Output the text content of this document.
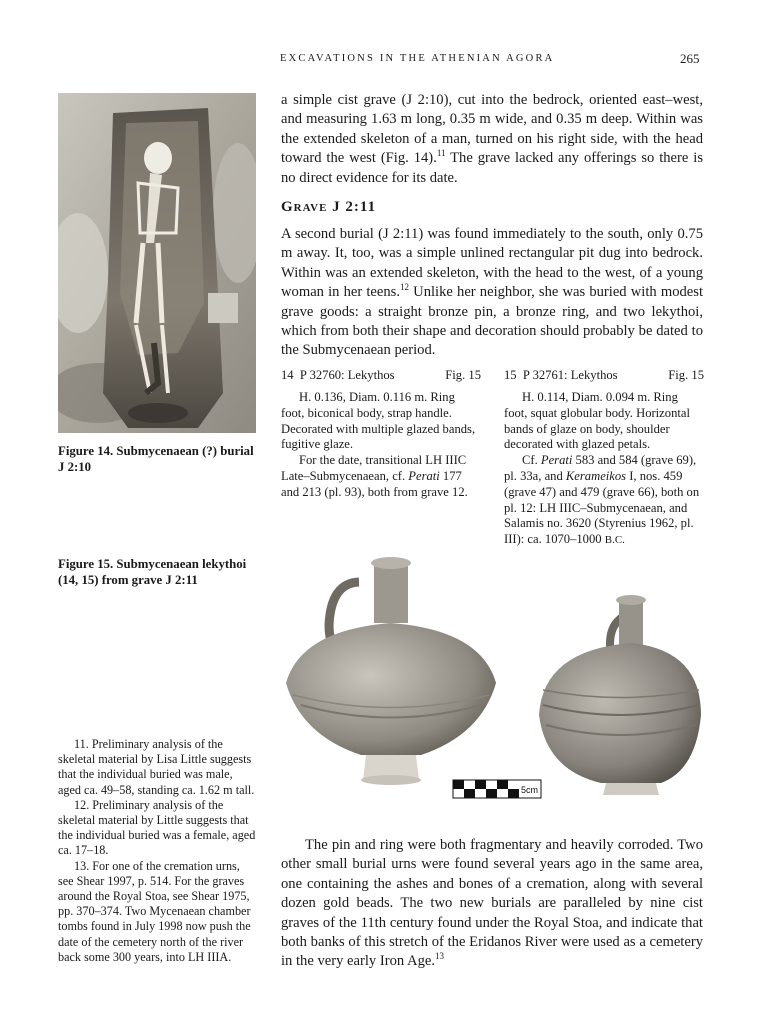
EXCAVATIONS IN THE ATHENIAN AGORA	265
Figure 14. Submycenaean (?) burial J 2:10
Figure 15. Submycenaean lekythoi (14, 15) from grave J 2:11

a simple cist grave (J 2:10), cut into the bedrock, oriented east–west, and measuring 1.63 m long, 0.35 m wide, and 0.35 m deep. Within was the extended skeleton of a man, turned on his right side, with the head toward the west (Fig. 14).$^{11}$ The grave lacked any offerings so there is no direct evidence for its date.

Grave J 2:11

A second burial (J 2:11) was found immediately to the south, only 0.75 m away. It, too, was a simple unlined rectangular pit dug into bedrock. Within was an extended skeleton, with the head to the west, of a young woman in her teens.$^{12}$ Unlike her neighbor, she was buried with modest grave goods: a straight bronze pin, a bronze ring, and two lekythoi, which from both their shape and decoration should probably be dated to the Submycenaean period.

14 P 32760: Lekythos	Fig. 15

H. 0.136, Diam. 0.116 m. Ring foot, biconical body, strap handle. Decorated with multiple glazed bands, fugitive glaze.

For the date, transitional LH IIIC Late–Submycenaean, cf. Perati 177 and 213 (pl. 93), both from grave 12.

15 P 32761: Lekythos	Fig. 15

H. 0.114, Diam. 0.094 m. Ring foot, squat globular body. Horizontal bands of glaze on body, shoulder decorated with glazed petals.

Cf. Perati 583 and 584 (grave 69), pl. 33a, and Kerameikos I, nos. 459 (grave 47) and 479 (grave 66), both on pl. 12: LH IIIC–Submycenaean, and Salamis no. 3620 (Styrenius 1962, pl. III): ca. 1070–1000 B.C.

5cm

11. Preliminary analysis of the skeletal material by Lisa Little suggests that the individual buried was male, aged ca. 49–58, standing ca. 1.62 m tall.

12. Preliminary analysis of the skeletal material by Little suggests that the individual buried was a female, aged ca. 17–18.

13. For one of the cremation urns, see Shear 1997, p. 514. For the graves around the Royal Stoa, see Shear 1975, pp. 370–374. Two Mycenaean chamber tombs found in July 1998 now push the date of the cemetery north of the river back some 300 years, into LH IIIA.

The pin and ring were both fragmentary and heavily corroded. Two other small burial urns were found several years ago in the same area, one containing the ashes and bones of a cremation, along with several dozen gold beads. The two new burials are paralleled by nine cist graves of the 11th century found under the Royal Stoa, and indicate that both banks of this stretch of the Eridanos River were used as a cemetery in the very early Iron Age.$^{13}$
